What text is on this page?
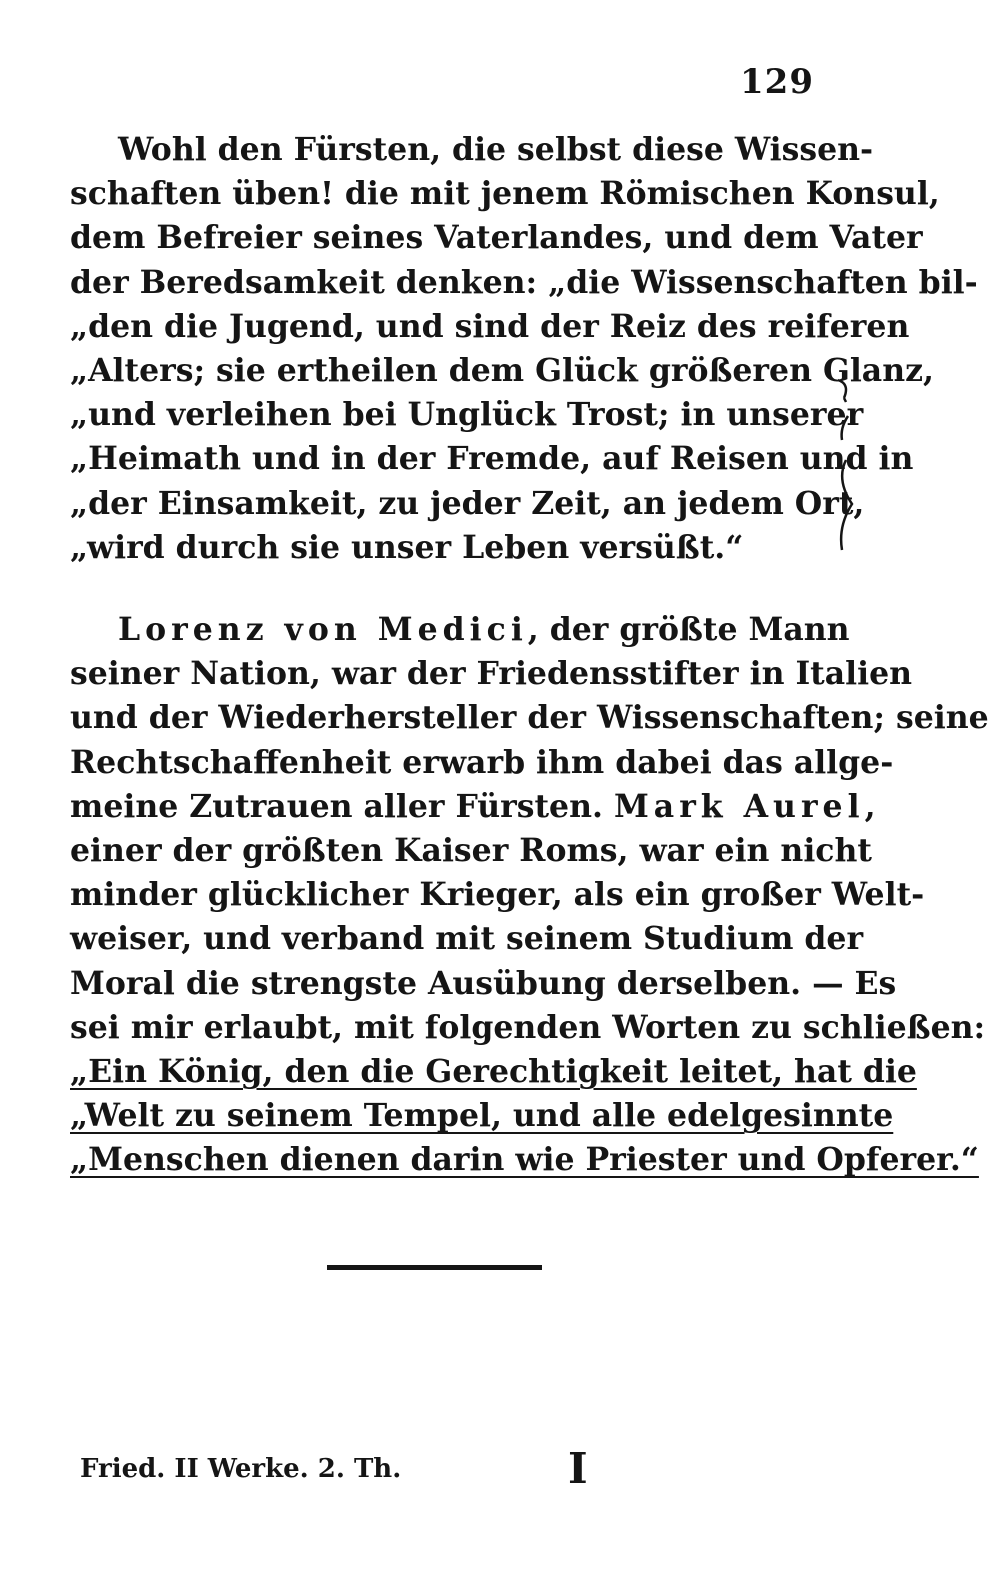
129
Wohl den Fürsten, die selbst diese Wissen-
schaften üben! die mit jenem Römischen Konsul,
dem Befreier seines Vaterlandes, und dem Vater
der Beredsamkeit denken: „die Wissenschaften bil-
„den die Jugend, und sind der Reiz des reiferen
„Alters; sie ertheilen dem Glück größeren Glanz,
„und verleihen bei Unglück Trost; in unserer
„Heimath und in der Fremde, auf Reisen und in
„der Einsamkeit, zu jeder Zeit, an jedem Ort,
„wird durch sie unser Leben versüßt.“
Lorenz von Medici, der größte Mann
seiner Nation, war der Friedensstifter in Italien
und der Wiederhersteller der Wissenschaften; seine
Rechtschaffenheit erwarb ihm dabei das allge-
meine Zutrauen aller Fürsten. Mark Aurel,
einer der größten Kaiser Roms, war ein nicht
minder glücklicher Krieger, als ein großer Welt-
weiser, und verband mit seinem Studium der
Moral die strengste Ausübung derselben. — Es
sei mir erlaubt, mit folgenden Worten zu schließen:
„Ein König, den die Gerechtigkeit leitet, hat die
„Welt zu seinem Tempel, und alle edelgesinnte
„Menschen dienen darin wie Priester und Opferer.“
Fried. II Werke. 2. Th.	I
